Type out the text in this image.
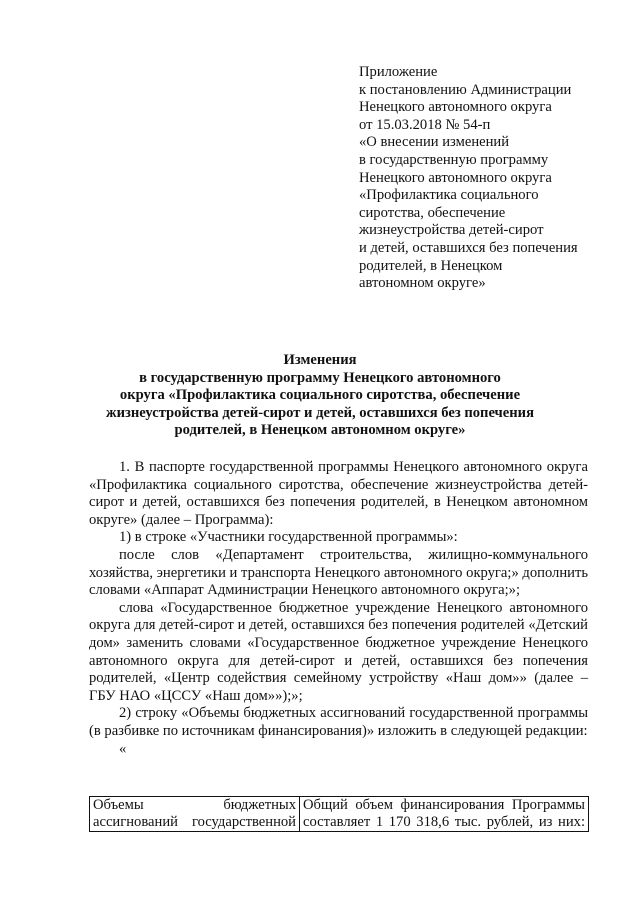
Приложение
к постановлению Администрации
Ненецкого автономного округа
от 15.03.2018 № 54-п
«О внесении изменений
в государственную программу
Ненецкого автономного округа
«Профилактика социального
сиротства, обеспечение
жизнеустройства детей-сирот
и детей, оставшихся без попечения
родителей, в Ненецком
автономном округе»
Изменения
в государственную программу Ненецкого автономного
округа «Профилактика социального сиротства, обеспечение
жизнеустройства детей-сирот и детей, оставшихся без попечения
родителей, в Ненецком автономном округе»

1. В паспорте государственной программы Ненецкого автономного округа «Профилактика социального сиротства, обеспечение жизнеустройства детей-сирот и детей, оставшихся без попечения родителей, в Ненецком автономном округе» (далее – Программа):

1) в строке «Участники государственной программы»:

после слов «Департамент строительства, жилищно-коммунального хозяйства, энергетики и транспорта Ненецкого автономного округа;» дополнить словами «Аппарат Администрации Ненецкого автономного округа;»;

слова «Государственное бюджетное учреждение Ненецкого автономного округа для детей-сирот и детей, оставшихся без попечения родителей «Детский дом» заменить словами «Государственное бюджетное учреждение Ненецкого автономного округа для детей-сирот и детей, оставшихся без попечения родителей, «Центр содействия семейному устройству «Наш дом»» (далее – ГБУ НАО «ЦССУ «Наш дом»»);»;

2) строку «Объемы бюджетных ассигнований государственной программы (в разбивке по источникам финансирования)» изложить в следующей редакции:

«

Объемы бюджетных ассигнований государственной	Общий объем финансирования Программы составляет 1 170 318,6 тыс. рублей, из них:
